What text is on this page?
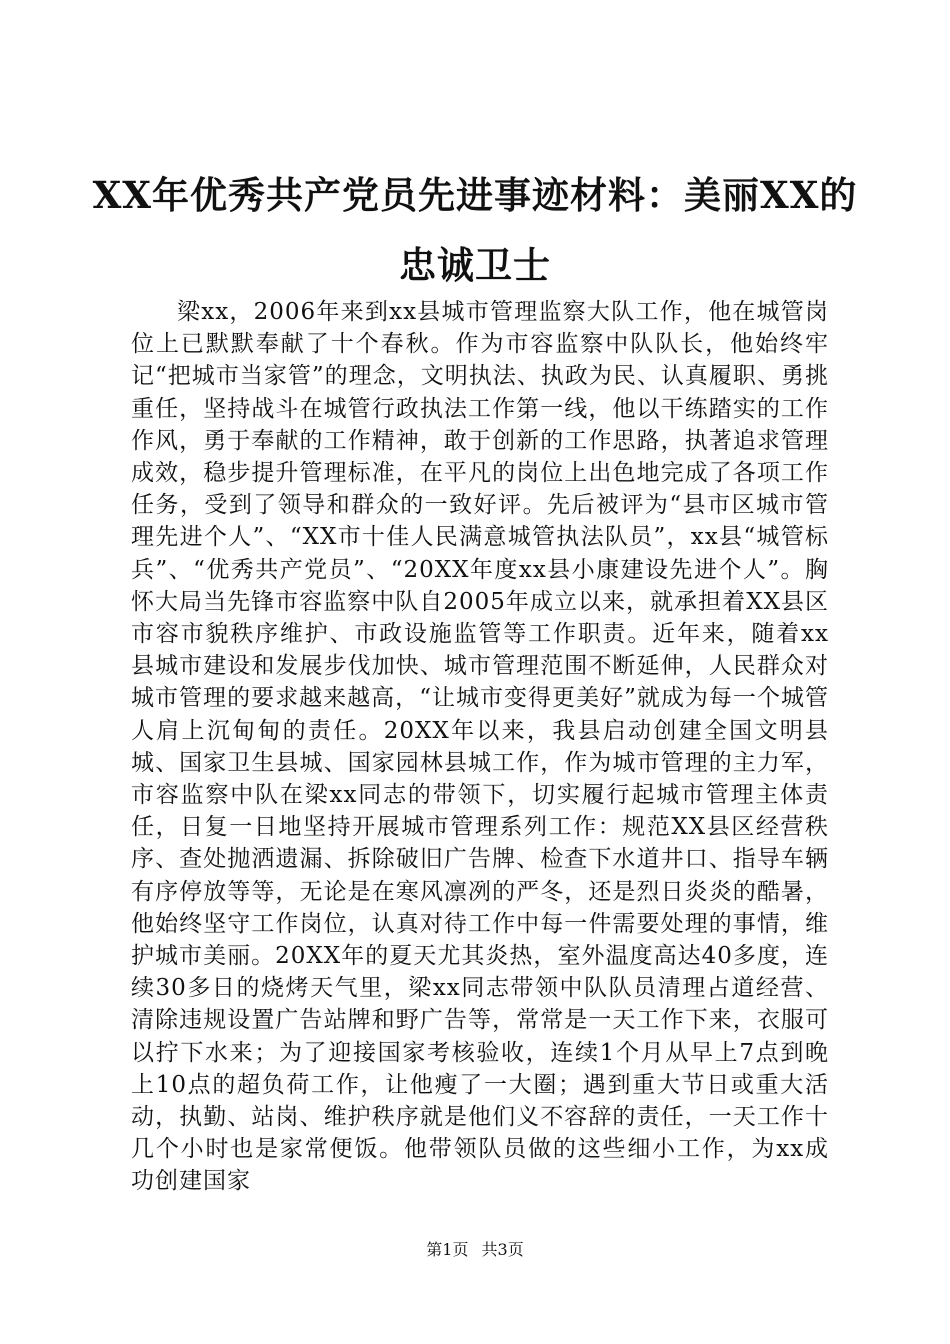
XX年优秀共产党员先进事迹材料：美丽XX的
忠诚卫士

梁xx，2006年来到xx县城市管理监察大队工作，他在城管岗位上已默默奉献了十个春秋。作为市容监察中队队长，他始终牢记“把城市当家管”的理念，文明执法、执政为民、认真履职、勇挑重任，坚持战斗在城管行政执法工作第一线，他以干练踏实的工作作风，勇于奉献的工作精神，敢于创新的工作思路，执著追求管理成效，稳步提升管理标准，在平凡的岗位上出色地完成了各项工作任务，受到了领导和群众的一致好评。先后被评为“县市区城市管理先进个人”、“XX市十佳人民满意城管执法队员”，xx县“城管标兵”、“优秀共产党员”、“20XX年度xx县小康建设先进个人”。胸怀大局当先锋市容监察中队自2005年成立以来，就承担着XX县区市容市貌秩序维护、市政设施监管等工作职责。近年来，随着xx县城市建设和发展步伐加快、城市管理范围不断延伸，人民群众对城市管理的要求越来越高，“让城市变得更美好”就成为每一个城管人肩上沉甸甸的责任。20XX年以来，我县启动创建全国文明县城、国家卫生县城、国家园林县城工作，作为城市管理的主力军，市容监察中队在梁xx同志的带领下，切实履行起城市管理主体责任，日复一日地坚持开展城市管理系列工作：规范XX县区经营秩序、查处抛洒遗漏、拆除破旧广告牌、检查下水道井口、指导车辆有序停放等等，无论是在寒风凛冽的严冬，还是烈日炎炎的酷暑，他始终坚守工作岗位，认真对待工作中每一件需要处理的事情，维护城市美丽。20XX年的夏天尤其炎热，室外温度高达40多度，连续30多日的烧烤天气里，梁xx同志带领中队队员清理占道经营、清除违规设置广告站牌和野广告等，常常是一天工作下来，衣服可以拧下水来；为了迎接国家考核验收，连续1个月从早上7点到晚上10点的超负荷工作，让他瘦了一大圈；遇到重大节日或重大活动，执勤、站岗、维护秩序就是他们义不容辞的责任，一天工作十几个小时也是家常便饭。他带领队员做的这些细小工作，为xx成功创建国家

第1页 共3页
